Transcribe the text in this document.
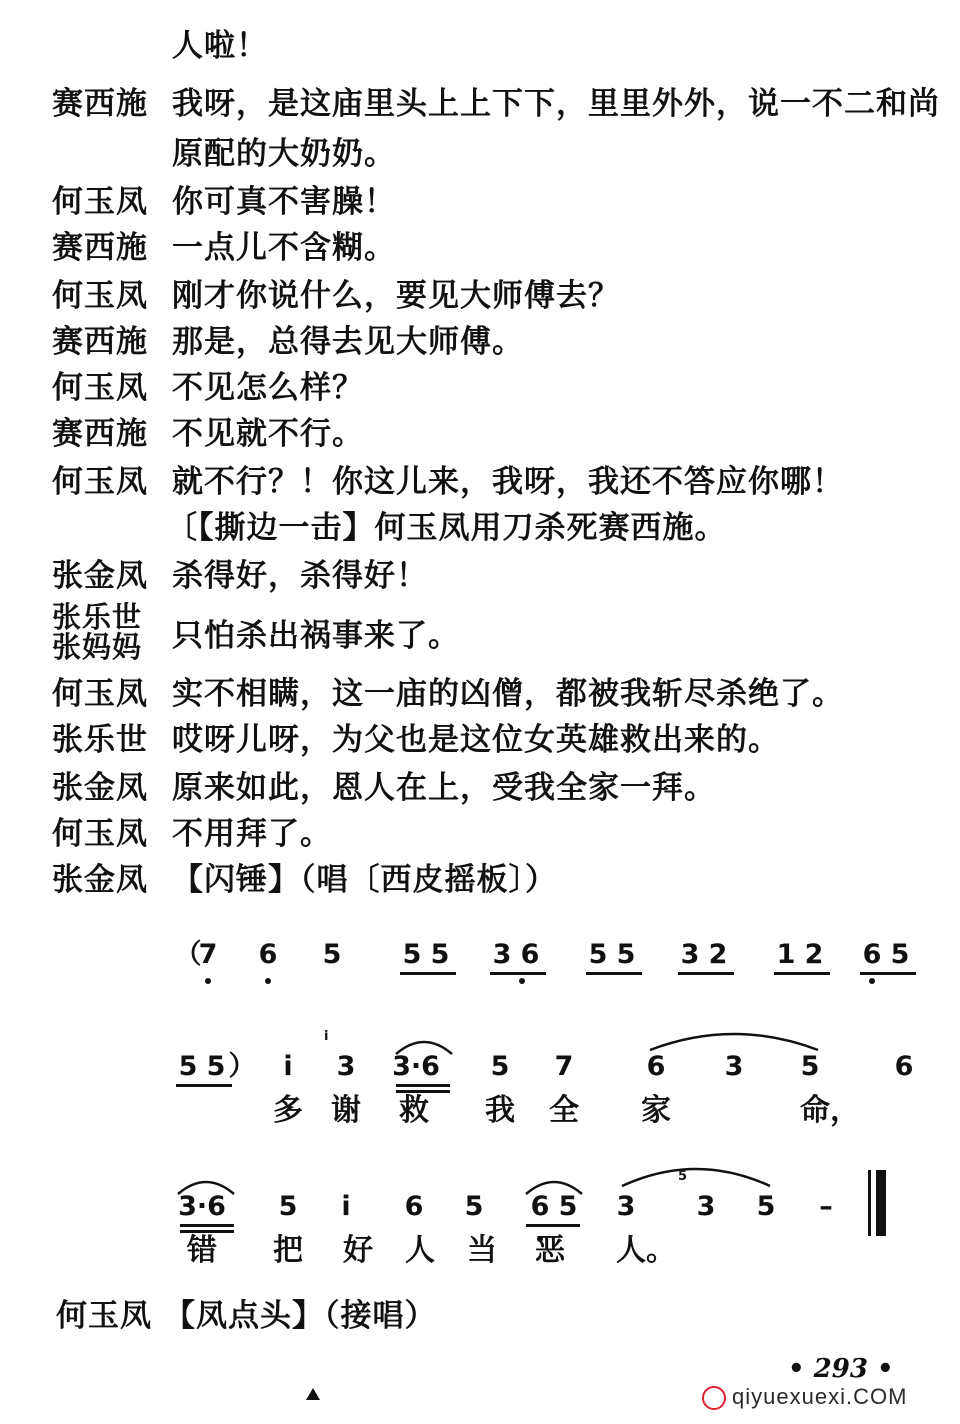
人啦！
赛西施 我呀，是这庙里头上上下下，里里外外，说一不二和尚
原配的大奶奶。
何玉凤 你可真不害臊！
赛西施 一点儿不含糊。
何玉凤 刚才你说什么，要见大师傅去？
赛西施 那是，总得去见大师傅。
何玉凤 不见怎么样？
赛西施 不见就不行。
何玉凤 就不行？！你这儿来，我呀，我还不答应你哪！
〔【撕边一击】何玉凤用刀杀死赛西施。
张金凤 杀得好，杀得好！
张乐世
张妈妈 只怕杀出祸事来了。
何玉凤 实不相瞒，这一庙的凶僧，都被我斩尽杀绝了。
张乐世 哎呀儿呀，为父也是这位女英雄救出来的。
张金凤 原来如此，恩人在上，受我全家一拜。
何玉凤 不用拜了。
张金凤 【闪锤】（唱〔西皮摇板〕）
（
7	6	5	5 5	3 6	5 5	3 2	1 2	6 5
5 5 ）	i	3	3·6	5	7	6	3	5	6
i
多 谢 救 我 全 家	命，
3·6	5	i	6	5	6 5	3	3	5	–
5
错 把 好 人 当 恶 人。
何玉凤 【凤点头】（接唱）
• 293 •
qiyuexuexi.COM
